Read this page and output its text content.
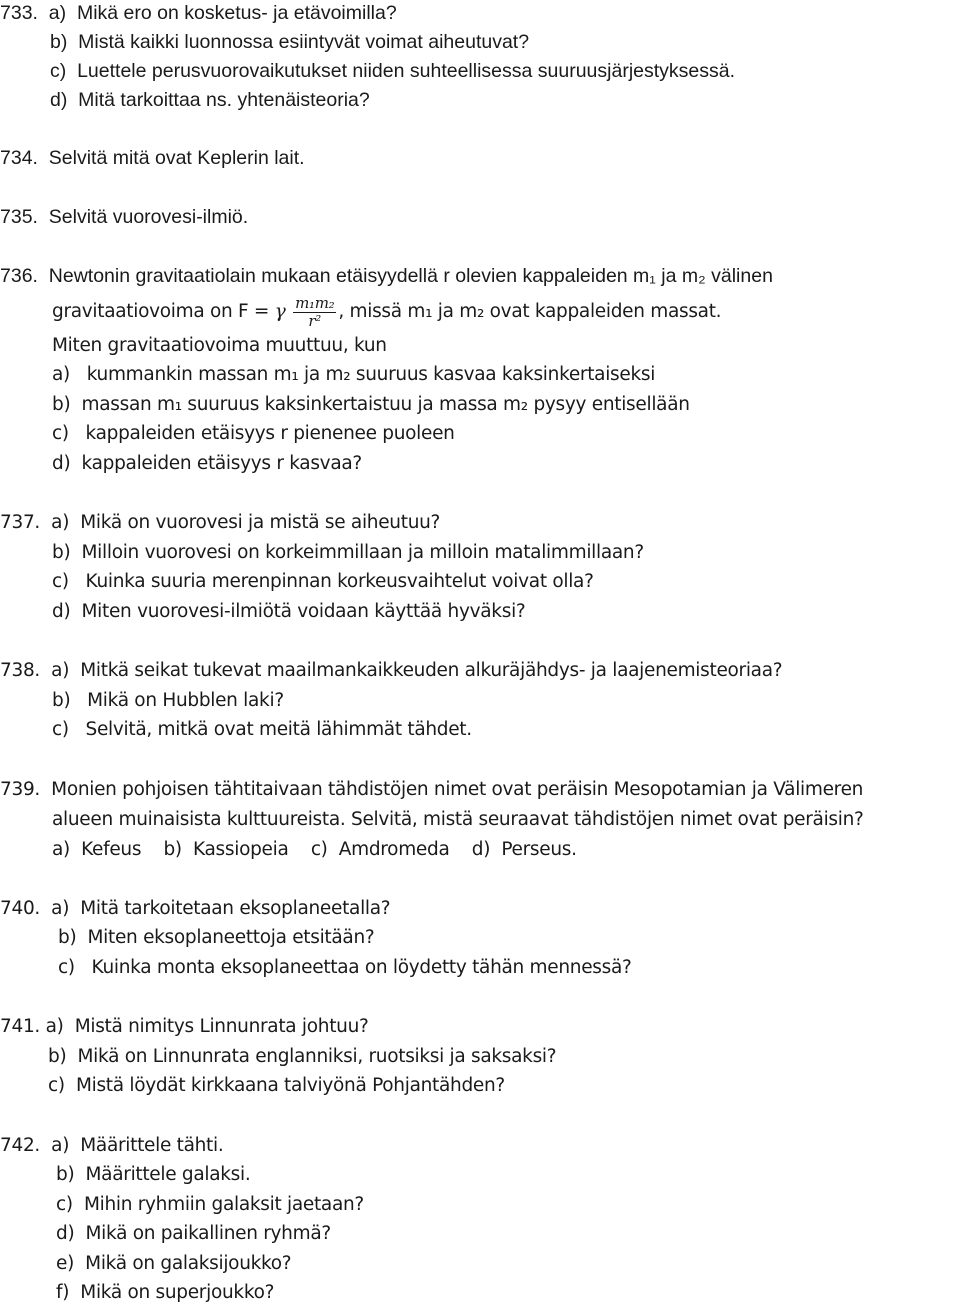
733.  a)  Mikä ero on kosketus- ja etävoimilla?
b)  Mistä kaikki luonnossa esiintyvät voimat aiheutuvat?
c)  Luettele perusvuorovaikutukset niiden suhteellisessa suuruusjärjestyksessä.
d)  Mitä tarkoittaa ns. yhtenäisteoria?
734.  Selvitä mitä ovat Keplerin lait.
735.  Selvitä vuorovesi-ilmiö.
736.  Newtonin gravitaatiolain mukaan etäisyydellä r olevien kappaleiden m₁ ja m₂ välinen
gravitaatiovoima on F = γ $\frac{\text{m₁m₂}}{\text{r²}}$ , missä m₁ ja m₂ ovat kappaleiden massat.
Miten gravitaatiovoima muuttuu, kun
a)   kummankin massan m₁ ja m₂ suuruus kasvaa kaksinkertaiseksi
b)  massan m₁ suuruus kaksinkertaistuu ja massa m₂ pysyy entisellään
c)   kappaleiden etäisyys r pienenee puoleen
d)  kappaleiden etäisyys r kasvaa?
737.  a)  Mikä on vuorovesi ja mistä se aiheutuu?
b)  Milloin vuorovesi on korkeimmillaan ja milloin matalimmillaan?
c)   Kuinka suuria merenpinnan korkeusvaihtelut voivat olla?
d)  Miten vuorovesi-ilmiötä voidaan käyttää hyväksi?
738.  a)  Mitkä seikat tukevat maailmankaikkeuden alkuräjähdys- ja laajenemisteoriaa?
b)   Mikä on Hubblen laki?
c)   Selvitä, mitkä ovat meitä lähimmät tähdet.
739.  Monien pohjoisen tähtitaivaan tähdistöjen nimet ovat peräisin Mesopotamian ja Välimeren
alueen muinaisista kulttuureista. Selvitä, mistä seuraavat tähdistöjen nimet ovat peräisin?
a)  Kefeus    b)  Kassiopeia    c)  Amdromeda    d)  Perseus.
740.  a)  Mitä tarkoitetaan eksoplaneetalla?
b)  Miten eksoplaneettoja etsitään?
c)   Kuinka monta eksoplaneettaa on löydetty tähän mennessä?
741. a)  Mistä nimitys Linnunrata johtuu?
b)  Mikä on Linnunrata englanniksi, ruotsiksi ja saksaksi?
c)  Mistä löydät kirkkaana talviyönä Pohjantähden?
742.  a)  Määrittele tähti.
b)  Määrittele galaksi.
c)  Mihin ryhmiin galaksit jaetaan?
d)  Mikä on paikallinen ryhmä?
e)  Mikä on galaksijoukko?
f)  Mikä on superjoukko?
